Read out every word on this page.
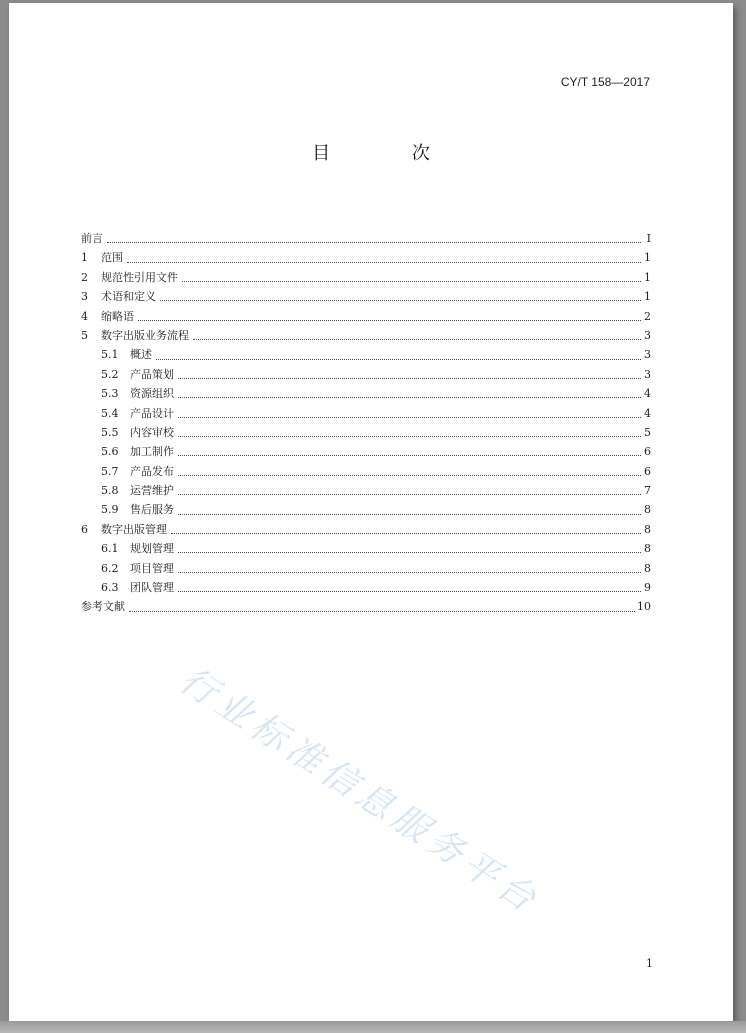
CY/T 158—2017
目 次
前言	I
1	范围	1
2	规范性引用文件	1
3	术语和定义	1
4	缩略语	2
5	数字出版业务流程	3
5.1	概述	3
5.2	产品策划	3
5.3	资源组织	4
5.4	产品设计	4
5.5	内容审校	5
5.6	加工制作	6
5.7	产品发布	6
5.8	运营维护	7
5.9	售后服务	8
6	数字出版管理	8
6.1	规划管理	8
6.2	项目管理	8
6.3	团队管理	9
参考文献	10
1
行业标准信息服务平台
